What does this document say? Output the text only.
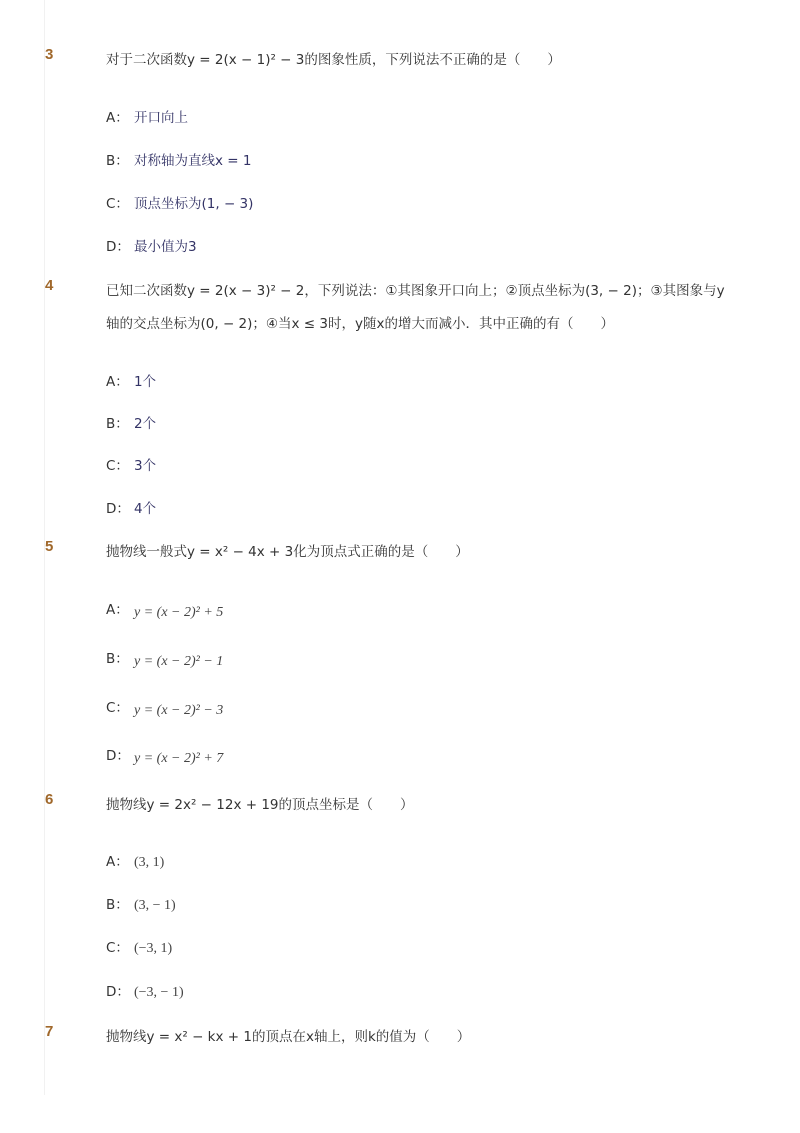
3	对于二次函数y = 2(x − 1)² − 3的图象性质，下列说法不正确的是（　　）
A： 开口向上
B： 对称轴为直线x = 1
C： 顶点坐标为(1, − 3)
D： 最小值为3
4	已知二次函数y = 2(x − 3)² − 2，下列说法：①其图象开口向上；②顶点坐标为(3, − 2)；③其图象与y轴的交点坐标为(0, − 2)；④当x ≤ 3时，y随x的增大而减小．其中正确的有（　　）
A： 1个
B： 2个
C： 3个
D： 4个
5	抛物线一般式y = x² − 4x + 3化为顶点式正确的是（　　）
A： y = (x − 2)² + 5
B： y = (x − 2)² − 1
C： y = (x − 2)² − 3
D： y = (x − 2)² + 7
6	抛物线y = 2x² − 12x + 19的顶点坐标是（　　）
A： (3, 1)
B： (3, − 1)
C： (−3, 1)
D： (−3, − 1)
7	抛物线y = x² − kx + 1的顶点在x轴上，则k的值为（　　）
